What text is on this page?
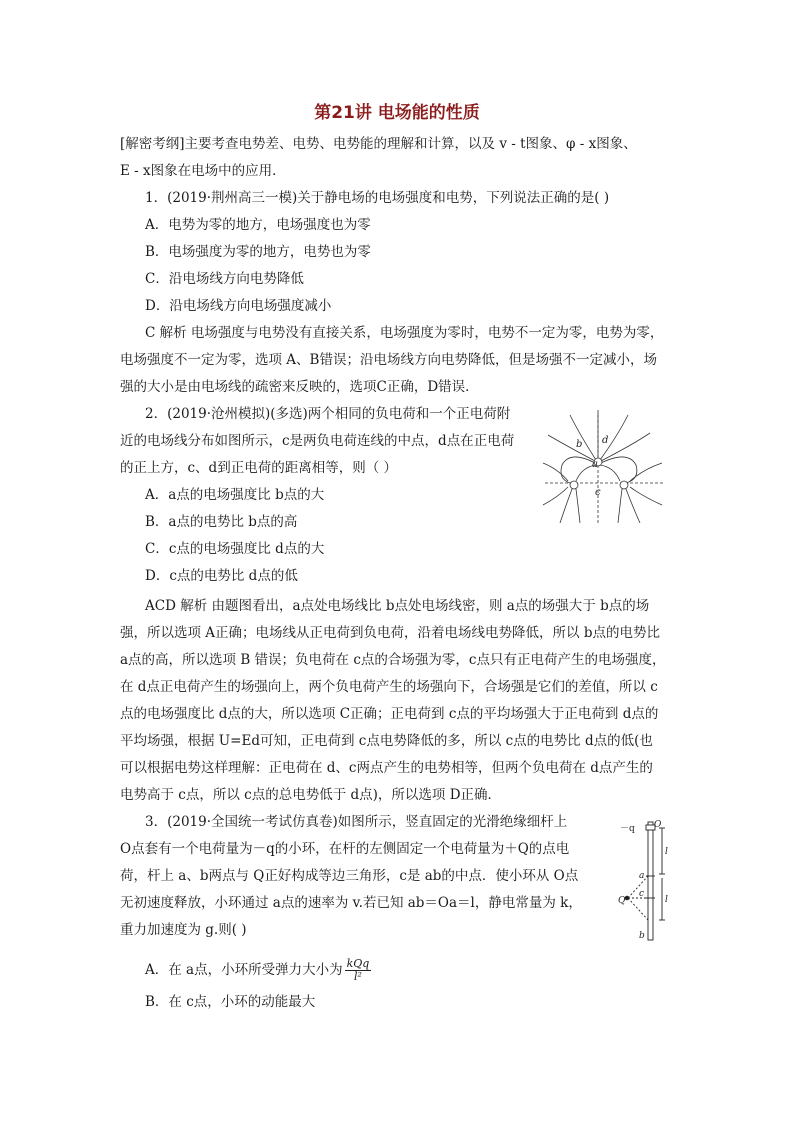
第21讲 电场能的性质
[解密考纲]主要考查电势差、电势、电势能的理解和计算，以及 v - t图象、φ - x图象、
E - x图象在电场中的应用．
1．(2019·荆州高三一模)关于静电场的电场强度和电势，下列说法正确的是( )
A．电势为零的地方，电场强度也为零
B．电场强度为零的地方，电势也为零
C．沿电场线方向电势降低
D．沿电场线方向电场强度减小
C 解析 电场强度与电势没有直接关系，电场强度为零时，电势不一定为零，电势为零，
电场强度不一定为零，选项 A、B错误；沿电场线方向电势降低，但是场强不一定减小，场
强的大小是由电场线的疏密来反映的，选项C正确，D错误．
2．(2019·沧州模拟)(多选)两个相同的负电荷和一个正电荷附
近的电场线分布如图所示，c是两负电荷连线的中点，d点在正电荷
的正上方，c、d到正电荷的距离相等，则（ ）
A．a点的电场强度比 b点的大
B．a点的电势比 b点的高
C．c点的电场强度比 d点的大
D．c点的电势比 d点的低
d
b
a
c
ACD 解析 由题图看出，a点处电场线比 b点处电场线密，则 a点的场强大于 b点的场
强，所以选项 A正确；电场线从正电荷到负电荷，沿着电场线电势降低，所以 b点的电势比
a点的高，所以选项 B 错误；负电荷在 c点的合场强为零，c点只有正电荷产生的电场强度，
在 d点正电荷产生的场强向上，两个负电荷产生的场强向下，合场强是它们的差值，所以 c
点的电场强度比 d点的大，所以选项 C正确；正电荷到 c点的平均场强大于正电荷到 d点的
平均场强，根据 U=Ed可知，正电荷到 c点电势降低的多，所以 c点的电势比 d点的低(也
可以根据电势这样理解：正电荷在 d、c两点产生的电势相等，但两个负电荷在 d点产生的
电势高于 c点，所以 c点的总电势低于 d点)，所以选项 D正确．
3．(2019·全国统一考试仿真卷)如图所示，竖直固定的光滑绝缘细杆上
O点套有一个电荷量为－q的小环，在杆的左侧固定一个电荷量为＋Q的点电
荷，杆上 a、b两点与 Q正好构成等边三角形，c是 ab的中点．使小环从 O点
无初速度释放，小环通过 a点的速率为 v.若已知 ab＝Oa＝l，静电常量为 k，
重力加速度为 g.则( )
－q O
l
a
c
Q	l
b
A．在 a点，小环所受弹力大小为 $\frac{\text{kQq}}{\text{l²}}$
B．在 c点，小环的动能最大
